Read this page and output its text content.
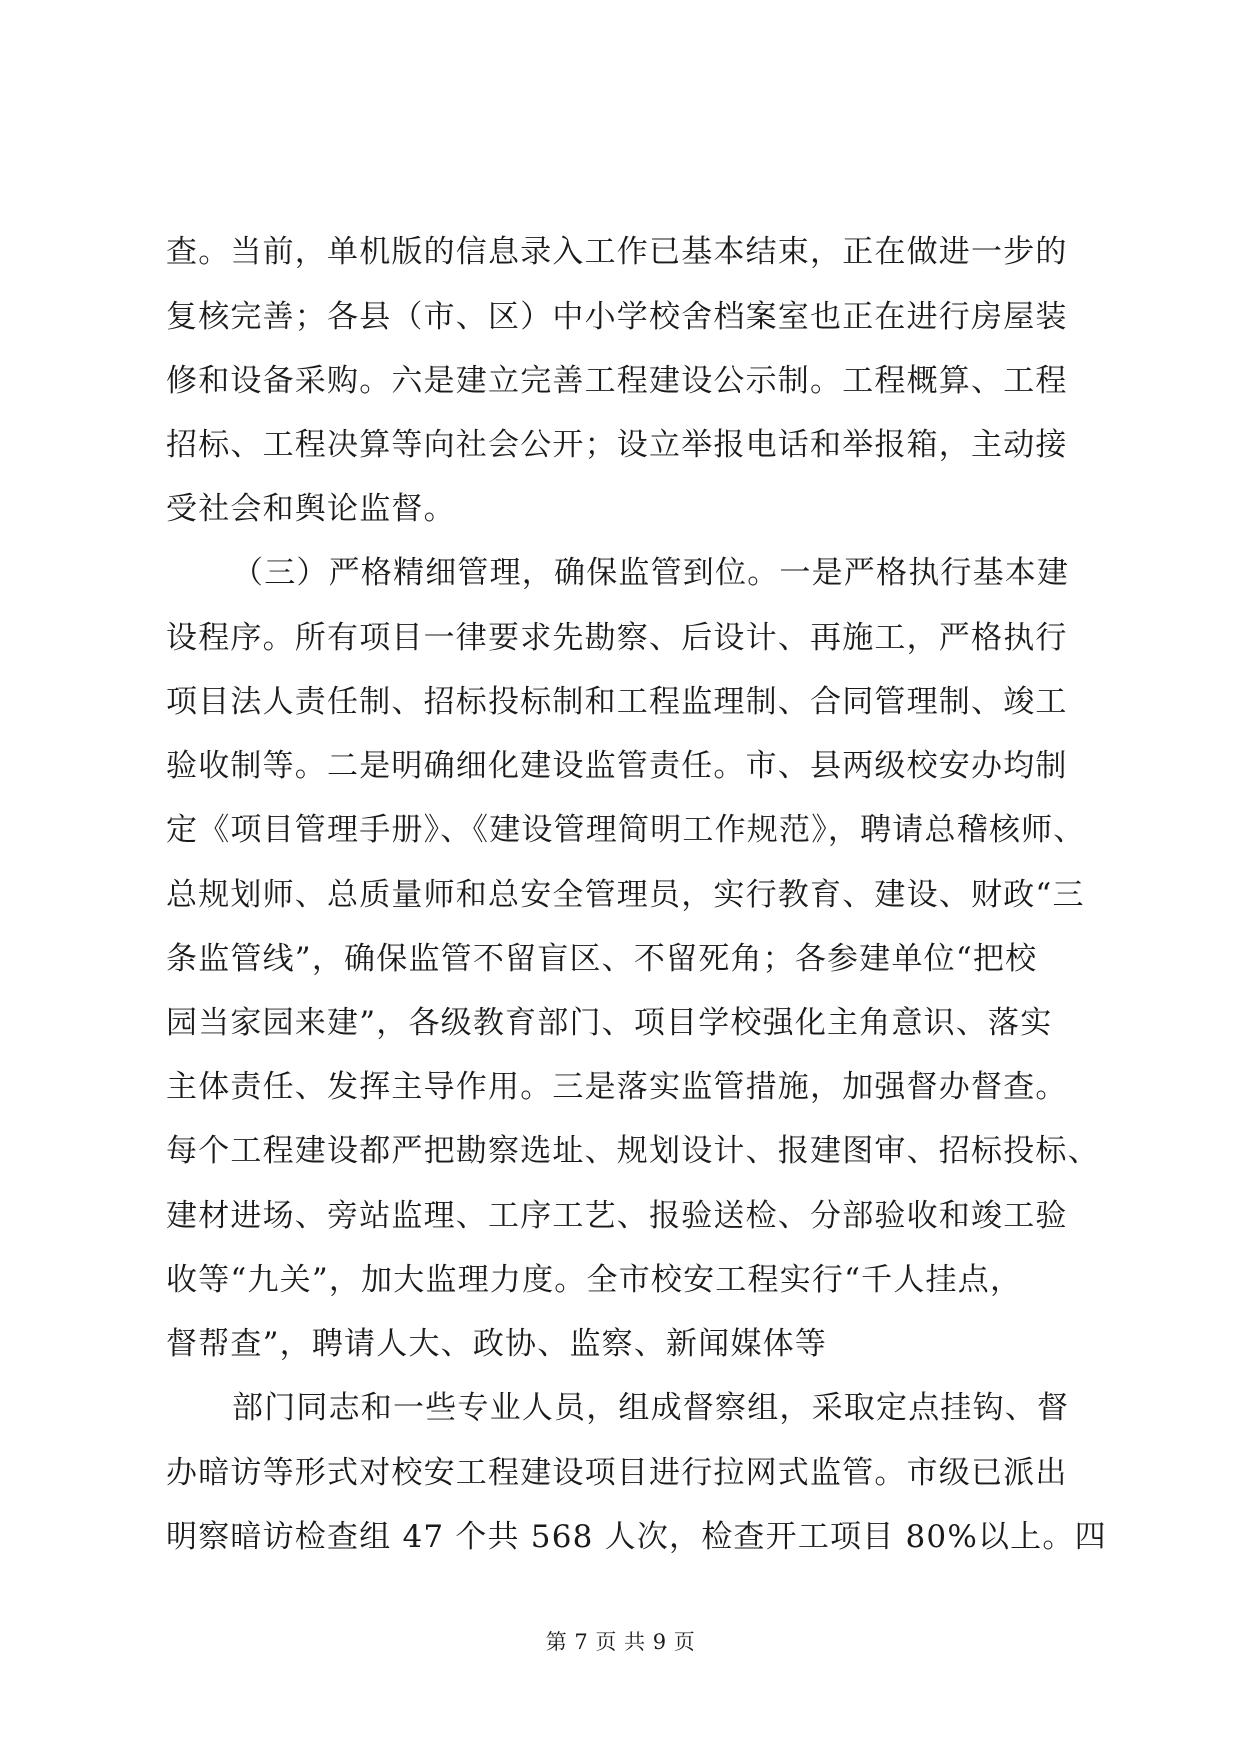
查。当前，单机版的信息录入工作已基本结束，正在做进一步的
复核完善；各县（市、区）中小学校舍档案室也正在进行房屋装
修和设备采购。六是建立完善工程建设公示制。工程概算、工程
招标、工程决算等向社会公开；设立举报电话和举报箱，主动接
受社会和舆论监督。
（三）严格精细管理，确保监管到位。一是严格执行基本建
设程序。所有项目一律要求先勘察、后设计、再施工，严格执行
项目法人责任制、招标投标制和工程监理制、合同管理制、竣工
验收制等。二是明确细化建设监管责任。市、县两级校安办均制
定《项目管理手册》、《建设管理简明工作规范》，聘请总稽核师、
总规划师、总质量师和总安全管理员，实行教育、建设、财政“三
条监管线”，确保监管不留盲区、不留死角；各参建单位“把校
园当家园来建”，各级教育部门、项目学校强化主角意识、落实
主体责任、发挥主导作用。三是落实监管措施，加强督办督查。
每个工程建设都严把勘察选址、规划设计、报建图审、招标投标、
建材进场、旁站监理、工序工艺、报验送检、分部验收和竣工验
收等“九关”，加大监理力度。全市校安工程实行“千人挂点，
督帮查”，聘请人大、政协、监察、新闻媒体等
部门同志和一些专业人员，组成督察组，采取定点挂钩、督
办暗访等形式对校安工程建设项目进行拉网式监管。市级已派出
明察暗访检查组 47 个共 568 人次，检查开工项目 80%以上。四
第 7 页 共 9 页
